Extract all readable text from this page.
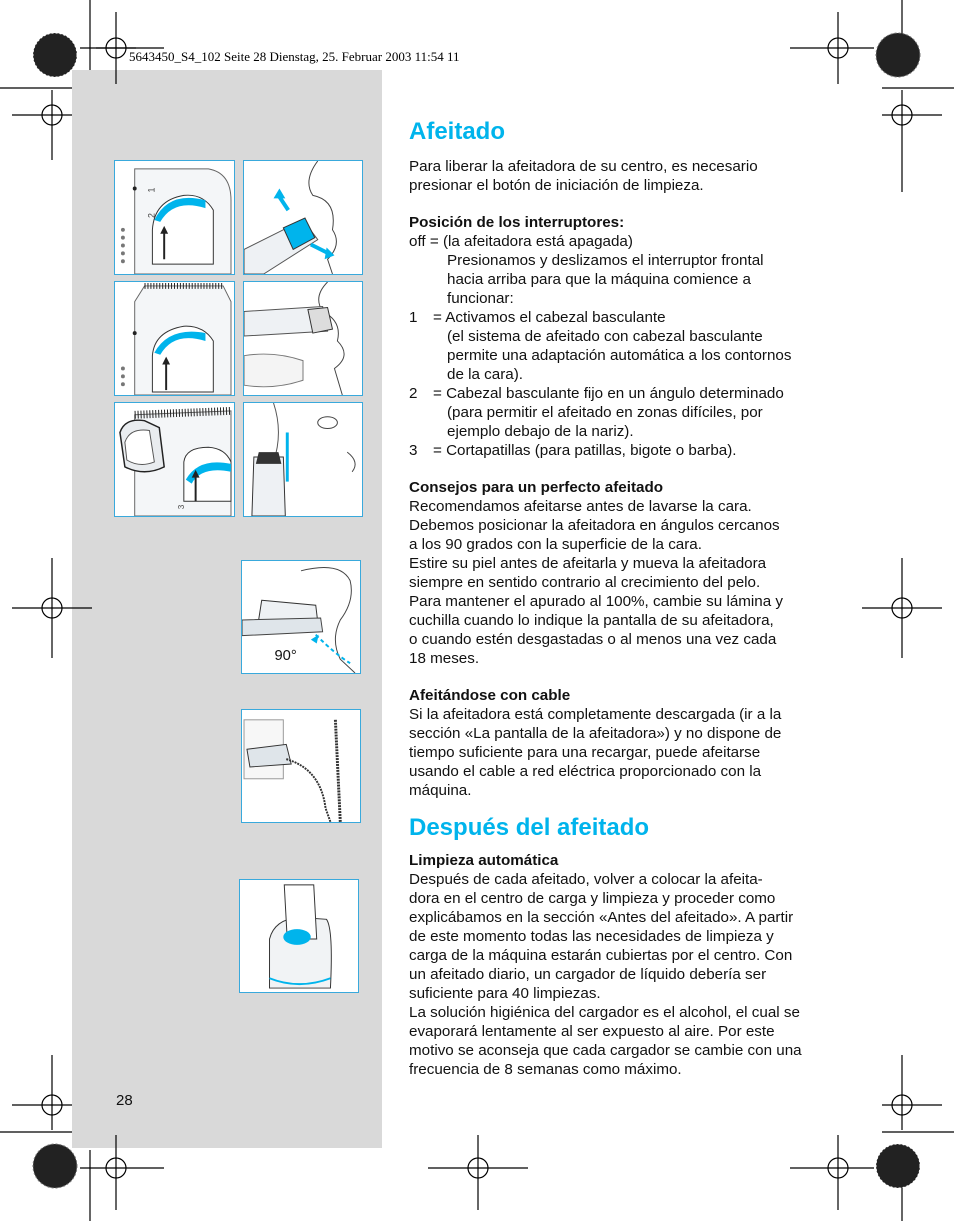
5643450_S4_102 Seite 28 Dienstag, 25. Februar 2003 11:54 11
1
2
3
90°
Afeitado

Para liberar la afeitadora de su centro, es necesario

presionar el botón de iniciación de limpieza.

Posición de los interruptores:

off
= (la afeitadora está apagada)

Presionamos y deslizamos el interruptor frontal

hacia arriba para que la máquina comience a

funcionar:

1	= Activamos el cabezal basculante

(el sistema de afeitado con cabezal basculante

permite una adaptación automática a los contornos

de la cara).

2	= Cabezal basculante fijo en un ángulo determinado

(para permitir el afeitado en zonas difíciles, por

ejemplo debajo de la nariz).

3	= Cortapatillas (para patillas, bigote o barba).

Consejos para un perfecto afeitado

Recomendamos afeitarse antes de lavarse la cara.

Debemos posicionar la afeitadora en ángulos cercanos

a los 90 grados con la superficie de la cara.

Estire su piel antes de afeitarla y mueva la afeitadora

siempre en sentido contrario al crecimiento del pelo.

Para mantener el apurado al 100%, cambie su lámina y

cuchilla cuando lo indique la pantalla de su afeitadora,

o cuando estén desgastadas o al menos una vez cada

18 meses.

Afeitándose con cable

Si la afeitadora está completamente descargada (ir a la

sección «La pantalla de la afeitadora») y no dispone de

tiempo suficiente para una recargar, puede afeitarse

usando el cable a red eléctrica proporcionado con la

máquina.

Después del afeitado

Limpieza automática

Después de cada afeitado, volver a colocar la afeita-

dora en el centro de carga y limpieza y proceder como

explicábamos en la sección «Antes del afeitado». A partir

de este momento todas las necesidades de limpieza y

carga de la máquina estarán cubiertas por el centro. Con

un afeitado diario, un cargador de líquido debería ser

suficiente para 40 limpiezas.

La solución higiénica del cargador es el alcohol, el cual se

evaporará lentamente al ser expuesto al aire. Por este

motivo se aconseja que cada cargador se cambie con una

frecuencia de 8 semanas como máximo.

28
